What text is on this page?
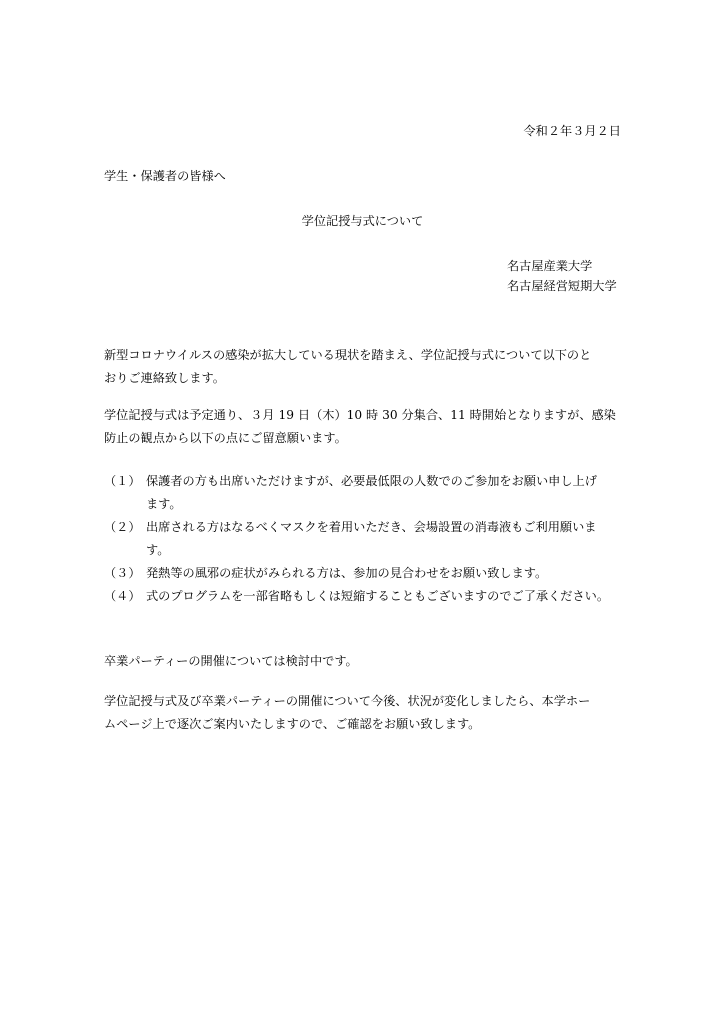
令和２年３月２日
学生・保護者の皆様へ
学位記授与式について
名古屋産業大学
名古屋経営短期大学
新型コロナウイルスの感染が拡大している現状を踏まえ、学位記授与式について以下のと
おりご連絡致します。
学位記授与式は予定通り、３月 19 日（木）10 時 30 分集合、11 時開始となりますが、感染
防止の観点から以下の点にご留意願います。
（１） 保護者の方も出席いただけますが、必要最低限の人数でのご参加をお願い申し上げ
ます。
（２） 出席される方はなるべくマスクを着用いただき、会場設置の消毒液もご利用願いま
す。
（３） 発熱等の風邪の症状がみられる方は、参加の見合わせをお願い致します。
（４） 式のプログラムを一部省略もしくは短縮することもございますのでご了承ください。
卒業パーティーの開催については検討中です。
学位記授与式及び卒業パーティーの開催について今後、状況が変化しましたら、本学ホー
ムページ上で逐次ご案内いたしますので、ご確認をお願い致します。
